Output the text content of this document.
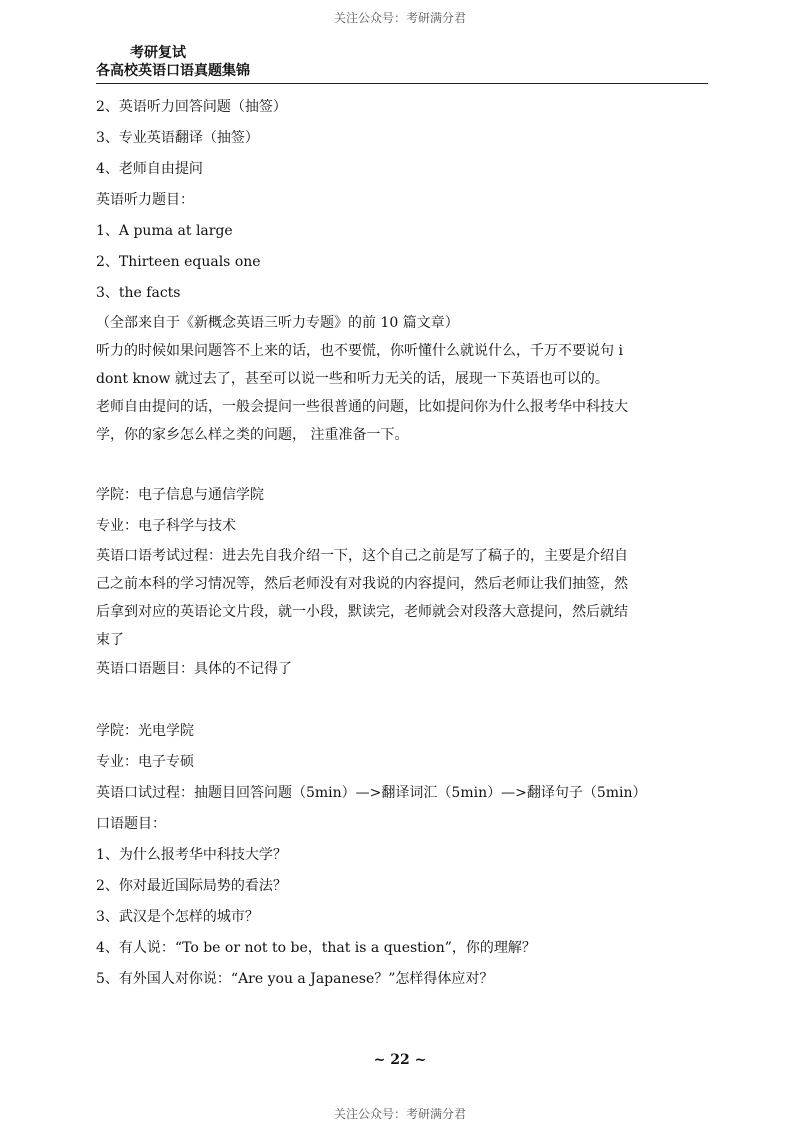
关注公众号：考研满分君
考研复试
各高校英语口语真题集锦

2、英语听力回答问题（抽签）

3、专业英语翻译（抽签）

4、老师自由提问

英语听力题目：

1、A puma at large

2、Thirteen equals one

3、the facts

（全部来自于《新概念英语三听力专题》的前 10 篇文章）

听力的时候如果问题答不上来的话，也不要慌，你听懂什么就说什么，千万不要说句 i

dont know 就过去了，甚至可以说一些和听力无关的话，展现一下英语也可以的。

老师自由提问的话，一般会提问一些很普通的问题，比如提问你为什么报考华中科技大

学，你的家乡怎么样之类的问题， 注重准备一下。

学院：电子信息与通信学院

专业：电子科学与技术

英语口语考试过程：进去先自我介绍一下，这个自己之前是写了稿子的，主要是介绍自

己之前本科的学习情况等，然后老师没有对我说的内容提问，然后老师让我们抽签，然

后拿到对应的英语论文片段，就一小段，默读完，老师就会对段落大意提问，然后就结

束了

英语口语题目：具体的不记得了

学院：光电学院

专业：电子专硕

英语口试过程：抽题目回答问题（5min）—>翻译词汇（5min）—>翻译句子（5min）

口语题目：

1、为什么报考华中科技大学？

2、你对最近国际局势的看法？

3、武汉是个怎样的城市？

4、有人说：“To be or not to be，that is a question”，你的理解？

5、有外国人对你说：“Are you a Japanese？”怎样得体应对？

~ 22 ~
关注公众号：考研满分君
